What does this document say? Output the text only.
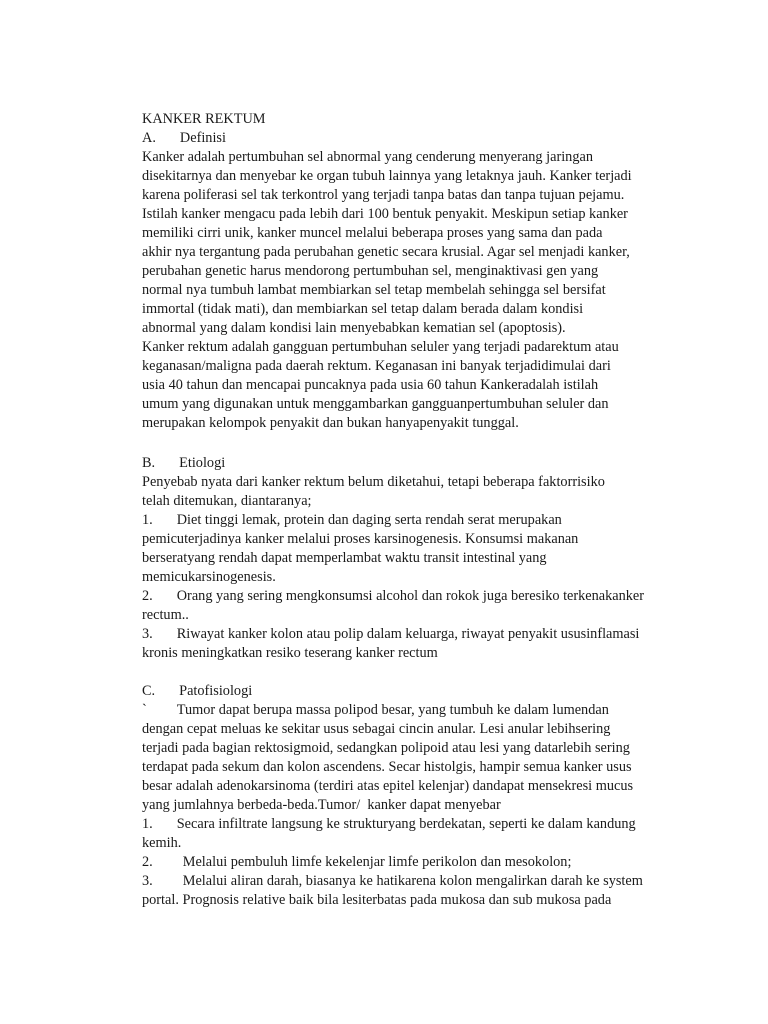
KANKER REKTUM
A. Definisi
Kanker adalah pertumbuhan sel abnormal yang cenderung menyerang jaringan
disekitarnya dan menyebar ke organ tubuh lainnya yang letaknya jauh. Kanker terjadi
karena poliferasi sel tak terkontrol yang terjadi tanpa batas dan tanpa tujuan pejamu.
Istilah kanker mengacu pada lebih dari 100 bentuk penyakit. Meskipun setiap kanker
memiliki cirri unik, kanker muncel melalui beberapa proses yang sama dan pada
akhir nya tergantung pada perubahan genetic secara krusial. Agar sel menjadi kanker,
perubahan genetic harus mendorong pertumbuhan sel, menginaktivasi gen yang
normal nya tumbuh lambat membiarkan sel tetap membelah sehingga sel bersifat
immortal (tidak mati), dan membiarkan sel tetap dalam berada dalam kondisi
abnormal yang dalam kondisi lain menyebabkan kematian sel (apoptosis).
Kanker rektum adalah gangguan pertumbuhan seluler yang terjadi padarektum atau
keganasan/maligna pada daerah rektum. Keganasan ini banyak terjadidimulai dari
usia 40 tahun dan mencapai puncaknya pada usia 60 tahun Kankeradalah istilah
umum yang digunakan untuk menggambarkan gangguanpertumbuhan seluler dan
merupakan kelompok penyakit dan bukan hanyapenyakit tunggal.
B. Etiologi
Penyebab nyata dari kanker rektum belum diketahui, tetapi beberapa faktorrisiko
telah ditemukan, diantaranya;
1. Diet tinggi lemak, protein dan daging serta rendah serat merupakan
pemicuterjadinya kanker melalui proses karsinogenesis. Konsumsi makanan
berseratyang rendah dapat memperlambat waktu transit intestinal yang
memicukarsinogenesis.
2. Orang yang sering mengkonsumsi alcohol dan rokok juga beresiko terkenakanker
rectum..
3. Riwayat kanker kolon atau polip dalam keluarga, riwayat penyakit ususinflamasi
kronis meningkatkan resiko teserang kanker rectum
C. Patofisiologi
` Tumor dapat berupa massa polipod besar, yang tumbuh ke dalam lumendan
dengan cepat meluas ke sekitar usus sebagai cincin anular. Lesi anular lebihsering
terjadi pada bagian rektosigmoid, sedangkan polipoid atau lesi yang datarlebih sering
terdapat pada sekum dan kolon ascendens. Secar histolgis, hampir semua kanker usus
besar adalah adenokarsinoma (terdiri atas epitel kelenjar) dandapat mensekresi mucus
yang jumlahnya berbeda-beda.Tumor/  kanker dapat menyebar
1. Secara infiltrate langsung ke strukturyang berdekatan, seperti ke dalam kandung
kemih.
2. Melalui pembuluh limfe kekelenjar limfe perikolon dan mesokolon;
3. Melalui aliran darah, biasanya ke hatikarena kolon mengalirkan darah ke system
portal. Prognosis relative baik bila lesiterbatas pada mukosa dan sub mukosa pada
